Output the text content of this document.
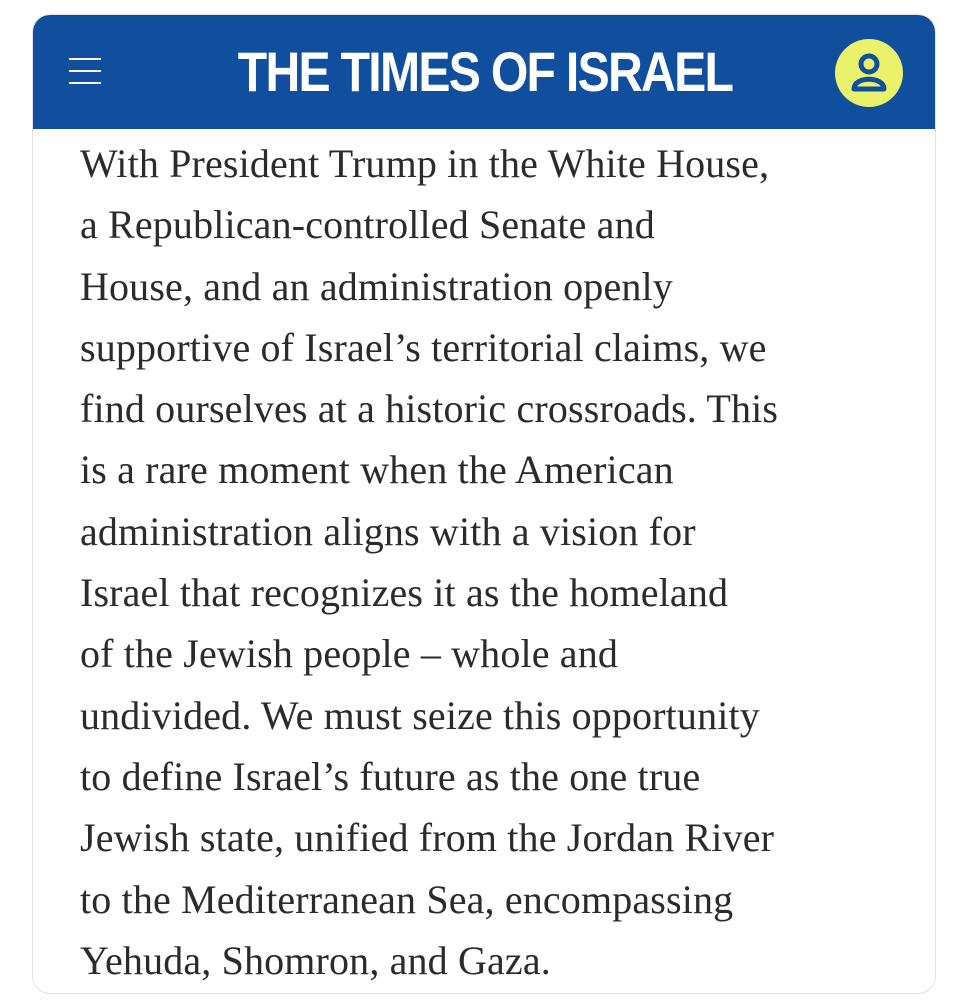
THE TIMES OF ISRAEL

With President Trump in the White House,
a Republican-controlled Senate and
House, and an administration openly
supportive of Israel’s territorial claims, we
find ourselves at a historic crossroads. This
is a rare moment when the American
administration aligns with a vision for
Israel that recognizes it as the homeland
of the Jewish people – whole and
undivided. We must seize this opportunity
to define Israel’s future as the one true
Jewish state, unified from the Jordan River
to the Mediterranean Sea, encompassing
Yehuda, Shomron, and Gaza.
